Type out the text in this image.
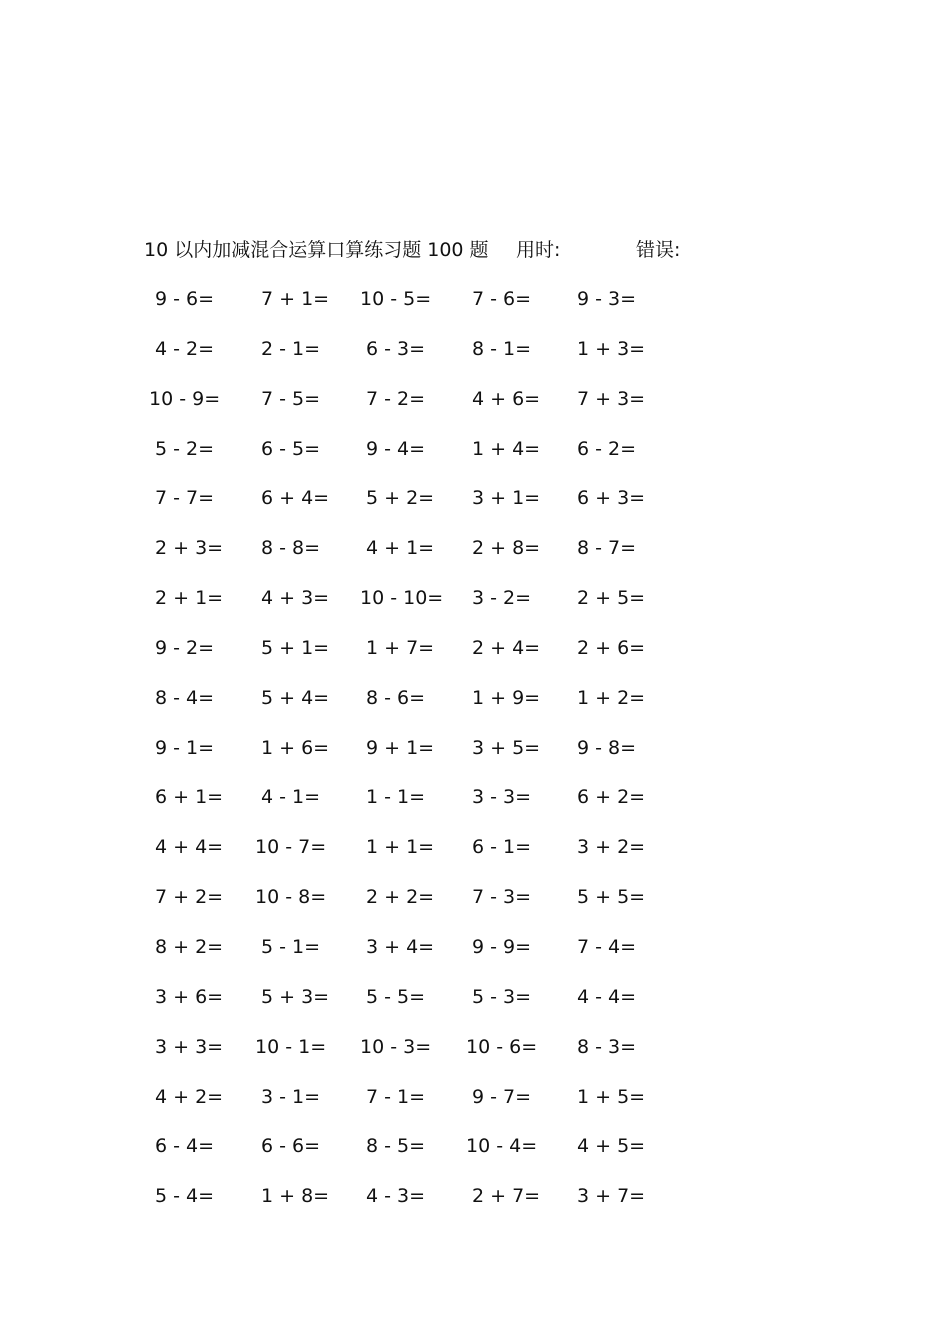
10 以内加减混合运算口算练习题 100 题 用时:	错误:
9 - 6= 7 + 1= 10 - 5= 7 - 6= 9 - 3=
4 - 2= 2 - 1= 6 - 3= 8 - 1= 1 + 3=
10 - 9= 7 - 5= 7 - 2= 4 + 6= 7 + 3=
5 - 2= 6 - 5= 9 - 4= 1 + 4= 6 - 2=
7 - 7= 6 + 4= 5 + 2= 3 + 1= 6 + 3=
2 + 3= 8 - 8= 4 + 1= 2 + 8= 8 - 7=
2 + 1= 4 + 3= 10 - 10= 3 - 2= 2 + 5=
9 - 2= 5 + 1= 1 + 7= 2 + 4= 2 + 6=
8 - 4= 5 + 4= 8 - 6= 1 + 9= 1 + 2=
9 - 1= 1 + 6= 9 + 1= 3 + 5= 9 - 8=
6 + 1= 4 - 1= 1 - 1= 3 - 3= 6 + 2=
4 + 4= 10 - 7= 1 + 1= 6 - 1= 3 + 2=
7 + 2= 10 - 8= 2 + 2= 7 - 3= 5 + 5=
8 + 2= 5 - 1= 3 + 4= 9 - 9= 7 - 4=
3 + 6= 5 + 3= 5 - 5= 5 - 3= 4 - 4=
3 + 3= 10 - 1= 10 - 3= 10 - 6= 8 - 3=
4 + 2= 3 - 1= 7 - 1= 9 - 7= 1 + 5=
6 - 4= 6 - 6= 8 - 5= 10 - 4= 4 + 5=
5 - 4= 1 + 8= 4 - 3= 2 + 7= 3 + 7=
